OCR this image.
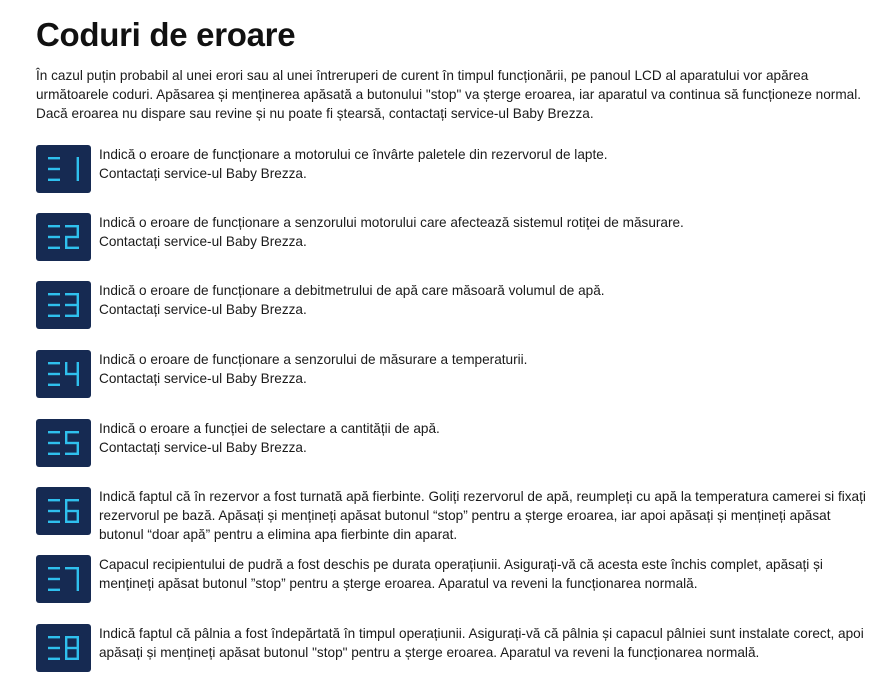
Coduri de eroare

În cazul puțin probabil al unei erori sau al unei întreruperi de curent în timpul funcționării, pe panoul LCD al aparatului vor apărea următoarele coduri. Apăsarea și menținerea apăsată a butonului "stop" va șterge eroarea, iar aparatul va continua să funcționeze normal. Dacă eroarea nu dispare sau revine și nu poate fi ștearsă, contactați service-ul Baby Brezza.

Indică o eroare de funcționare a motorului ce învârte paletele din rezervorul de lapte.
Contactați service-ul Baby Brezza.

Indică o eroare de funcționare a senzorului motorului care afectează sistemul rotiței de măsurare.
Contactați service-ul Baby Brezza.

Indică o eroare de funcționare a debitmetrului de apă care măsoară volumul de apă.
Contactați service-ul Baby Brezza.

Indică o eroare de funcționare a senzorului de măsurare a temperaturii.
Contactați service-ul Baby Brezza.

Indică o eroare a funcției de selectare a cantității de apă.
Contactați service-ul Baby Brezza.

Indică faptul că în rezervor a fost turnată apă fierbinte. Goliți rezervorul de apă, reumpleți cu apă la temperatura camerei si fixați rezervorul pe bază. Apăsați și mențineți apăsat butonul “stop” pentru a șterge eroarea, iar apoi apăsați și mențineți apăsat butonul “doar apă” pentru a elimina apa fierbinte din aparat.

Capacul recipientului de pudră a fost deschis pe durata operațiunii. Asigurați-vă că acesta este închis complet, apăsați și mențineți apăsat butonul ”stop” pentru a șterge eroarea. Aparatul va reveni la funcționarea normală.

Indică faptul că pâlnia a fost îndepărtată în timpul operațiunii. Asigurați-vă că pâlnia și capacul pâlniei sunt instalate corect, apoi apăsați și mențineți apăsat butonul "stop" pentru a șterge eroarea. Aparatul va reveni la funcționarea normală.
